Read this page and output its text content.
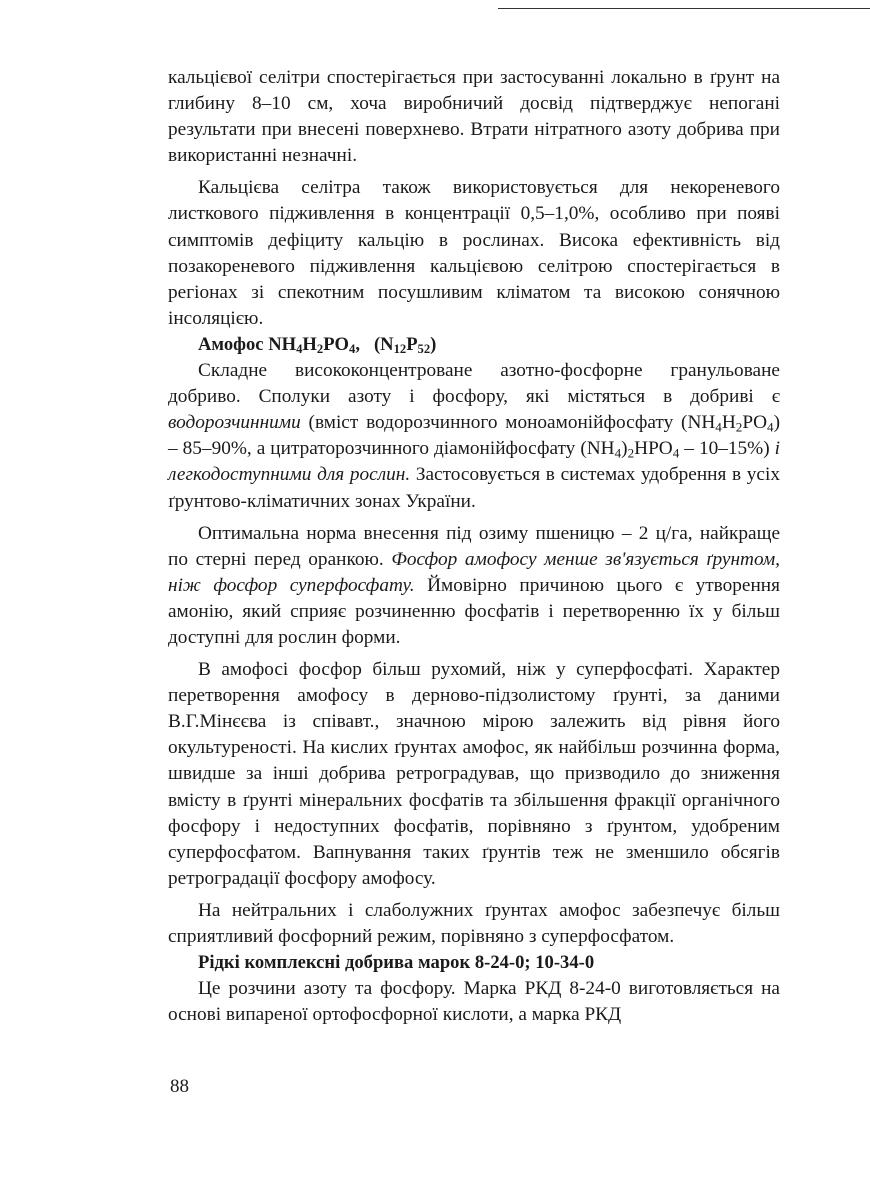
кальцієвої селітри спостерігається при застосуванні локально в ґрунт на глибину 8–10 см, хоча виробничий досвід підтверджує непогані результати при внесені поверхнево. Втрати нітратного азоту добрива при використанні незначні.

Кальцієва селітра також використовується для некореневого листкового підживлення в концентрації 0,5–1,0%, особливо при появі симптомів дефіциту кальцію в рослинах. Висока ефективність від позакореневого підживлення кальцієвою селітрою спостерігається в регіонах зі спекотним посушливим кліматом та високою сонячною інсоляцією.

Амофос $NH_4H_2PO_4$,   $(N_{12}P_{52})$

Складне висококонцентроване азотно-фосфорне гранульоване добриво. Сполуки азоту і фосфору, які містяться в добриві є водорозчинними (вміст водорозчинного моноамонійфосфату $(NH_4H_2PO_4) - 85-90\%$, а цитраторозчинного діамонійфосфату $(NH_4)_2HPO_4 - 10-15\%$) і легкодоступними для рослин. Застосовується в системах удобрення в усіх ґрунтово-кліматичних зонах України.

Оптимальна норма внесення під озиму пшеницю – 2 ц/га, найкраще по стерні перед оранкою. Фосфор амофосу менше зв'язується ґрунтом, ніж фосфор суперфосфату. Ймовірно причиною цього є утворення амонію, який сприяє розчиненню фосфатів і перетворенню їх у більш доступні для рослин форми.

В амофосі фосфор більш рухомий, ніж у суперфосфаті. Характер перетворення амофосу в дерново-підзолистому ґрунті, за даними В.Г.Мінєєва із співавт., значною мірою залежить від рівня його окультуреності. На кислих ґрунтах амофос, як найбільш розчинна форма, швидше за інші добрива ретроградував, що призводило до зниження вмісту в ґрунті мінеральних фосфатів та збільшення фракції органічного фосфору і недоступних фосфатів, порівняно з ґрунтом, удобреним суперфосфатом. Вапнування таких ґрунтів теж не зменшило обсягів ретроградації фосфору амофосу.

На нейтральних і слаболужних ґрунтах амофос забезпечує більш сприятливий фосфорний режим, порівняно з суперфосфатом.

Рідкі комплексні добрива марок 8-24-0; 10-34-0

Це розчини азоту та фосфору. Марка РКД 8-24-0 виготовляється на основі випареної ортофосфорної кислоти, а марка РКД

88
